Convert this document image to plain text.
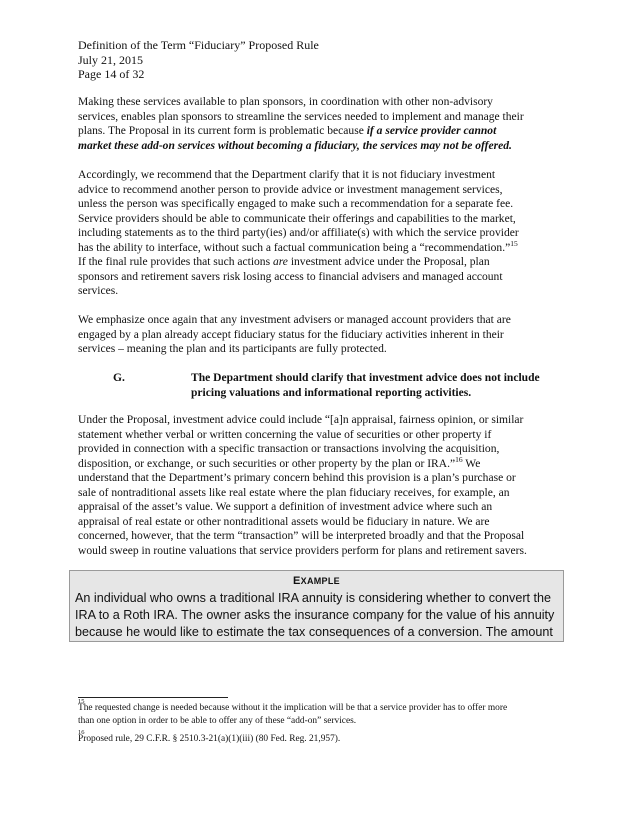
Definition of the Term “Fiduciary” Proposed Rule
July 21, 2015
Page 14 of 32

Making these services available to plan sponsors, in coordination with other non-advisory
services, enables plan sponsors to streamline the services needed to implement and manage their
plans. The Proposal in its current form is problematic because if a service provider cannot
market these add-on services without becoming a fiduciary, the services may not be offered.

Accordingly, we recommend that the Department clarify that it is not fiduciary investment
advice to recommend another person to provide advice or investment management services,
unless the person was specifically engaged to make such a recommendation for a separate fee.
Service providers should be able to communicate their offerings and capabilities to the market,
including statements as to the third party(ies) and/or affiliate(s) with which the service provider
has the ability to interface, without such a factual communication being a “recommendation.”$^{15}$
If the final rule provides that such actions are investment advice under the Proposal, plan
sponsors and retirement savers risk losing access to financial advisers and managed account
services.

We emphasize once again that any investment advisers or managed account providers that are
engaged by a plan already accept fiduciary status for the fiduciary activities inherent in their
services – meaning the plan and its participants are fully protected.

G.	The Department should clarify that investment advice does not include
pricing valuations and informational reporting activities.

Under the Proposal, investment advice could include “[a]n appraisal, fairness opinion, or similar
statement whether verbal or written concerning the value of securities or other property if
provided in connection with a specific transaction or transactions involving the acquisition,
disposition, or exchange, or such securities or other property by the plan or IRA.”$^{16}$ We
understand that the Department’s primary concern behind this provision is a plan’s purchase or
sale of nontraditional assets like real estate where the plan fiduciary receives, for example, an
appraisal of the asset’s value. We support a definition of investment advice where such an
appraisal of real estate or other nontraditional assets would be fiduciary in nature. We are
concerned, however, that the term “transaction” will be interpreted broadly and that the Proposal
would sweep in routine valuations that service providers perform for plans and retirement savers.

EXAMPLE
An individual who owns a traditional IRA annuity is considering whether to convert the
IRA to a Roth IRA. The owner asks the insurance company for the value of his annuity
because he would like to estimate the tax consequences of a conversion. The amount
15
The requested change is needed because without it the implication will be that a service provider has to offer more
than one option in order to be able to offer any of these “add-on” services.
16
Proposed rule, 29 C.F.R. § 2510.3-21(a)(1)(iii) (80 Fed. Reg. 21,957).
